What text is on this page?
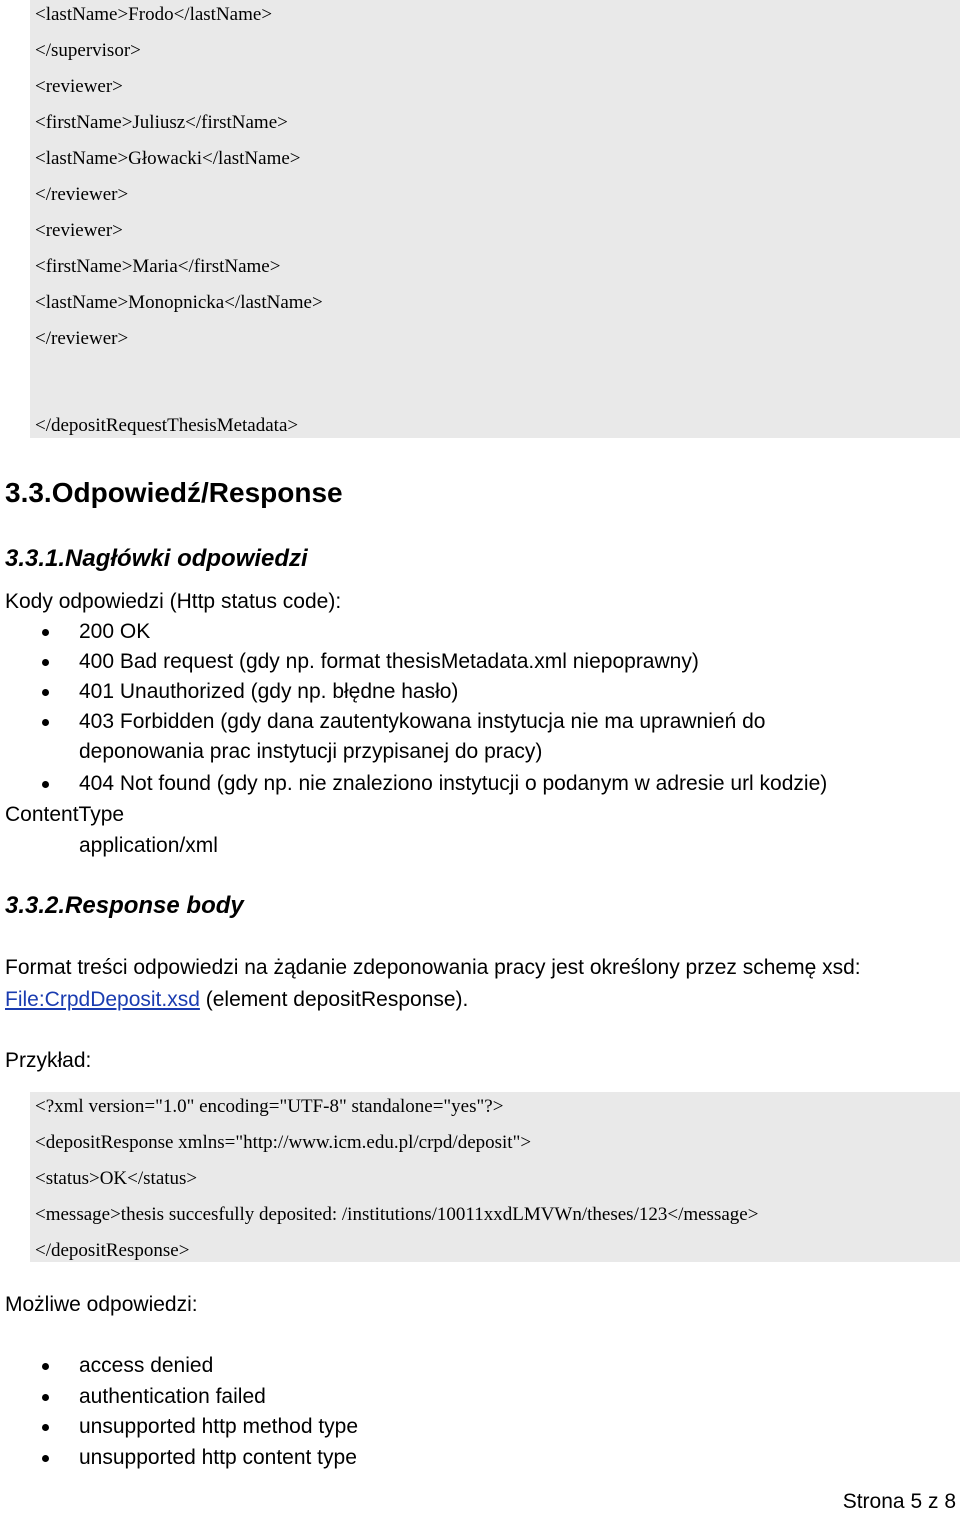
<lastName>Frodo</lastName>
</supervisor>
<reviewer>
<firstName>Juliusz</firstName>
<lastName>Głowacki</lastName>
</reviewer>
<reviewer>
<firstName>Maria</firstName>
<lastName>Monopnicka</lastName>
</reviewer>
</depositRequestThesisMetadata>
3.3.Odpowiedź/Response
3.3.1.Nagłówki odpowiedzi
Kody odpowiedzi (Http status code):
200 OK
400 Bad request (gdy np. format thesisMetadata.xml niepoprawny)
401 Unauthorized (gdy np. błędne hasło)
403 Forbidden (gdy dana zautentykowana instytucja nie ma uprawnień do
deponowania prac instytucji przypisanej do pracy)
404 Not found (gdy np. nie znaleziono instytucji o podanym w adresie url kodzie)
ContentType
application/xml
3.3.2.Response body
Format treści odpowiedzi na żądanie zdeponowania pracy jest określony przez schemę xsd:
File:CrpdDeposit.xsd (element depositResponse).
Przykład:
<?xml version="1.0" encoding="UTF-8" standalone="yes"?>
<depositResponse xmlns="http://www.icm.edu.pl/crpd/deposit">
<status>OK</status>
<message>thesis succesfully deposited: /institutions/10011xxdLMVWn/theses/123</message>
</depositResponse>
Możliwe odpowiedzi:
access denied
authentication failed
unsupported http method type
unsupported http content type
Strona 5 z 8
